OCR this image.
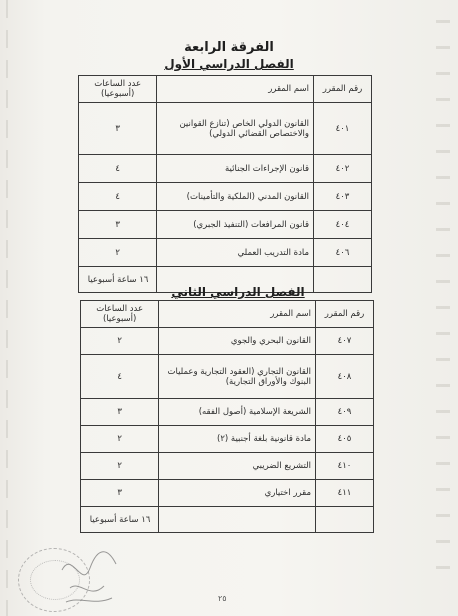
الفرقة الرابعة
الفصل الدراسي الأول
رقم المقرر	اسم المقرر	عدد الساعات (أسبوعيا)
٤٠١	القانون الدولي الخاص (تنازع القوانين والاختصاص القضائي الدولي)	٣
٤٠٢	قانون الإجراءات الجنائية	٤
٤٠٣	القانون المدني (الملكية والتأمينات)	٤
٤٠٤	قانون المرافعات (التنفيذ الجبري)	٣
٤٠٦	مادة التدريب العملي	٢
		١٦ ساعة أسبوعيا
الفصل الدراسي الثاني
رقم المقرر	اسم المقرر	عدد الساعات (أسبوعيا)
٤٠٧	القانون البحري والجوي	٢
٤٠٨	القانون التجاري (العقود التجارية وعمليات البنوك والأوراق التجارية)	٤
٤٠٩	الشريعة الإسلامية (أصول الفقه)	٣
٤٠٥	مادة قانونية بلغة أجنبية (٢)	٢
٤١٠	التشريع الضريبي	٢
٤١١	مقرر اختياري	٣
		١٦ ساعة أسبوعيا
٢٥
